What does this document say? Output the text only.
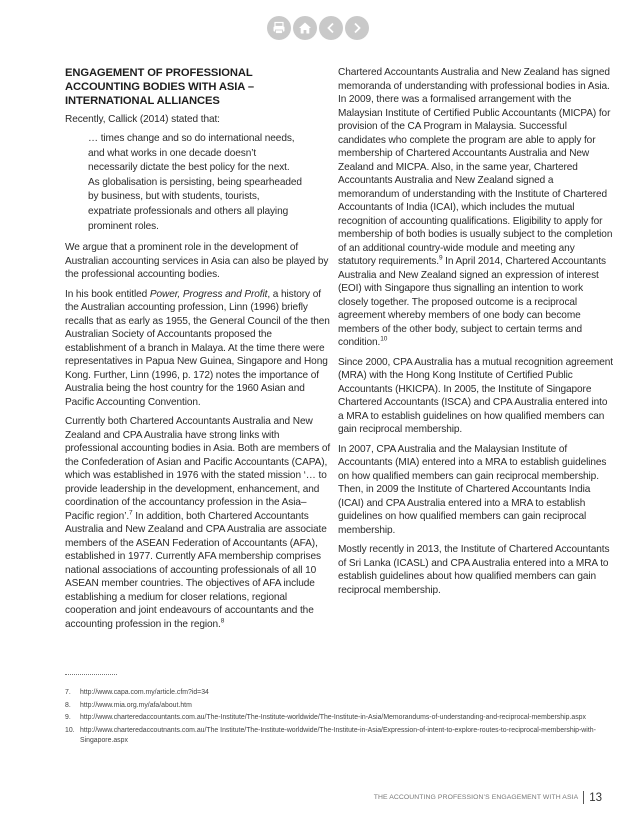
ENGAGEMENT OF PROFESSIONAL ACCOUNTING BODIES WITH ASIA – INTERNATIONAL ALLIANCES

Recently, Callick (2014) stated that:

… times change and so do international needs, and what works in one decade doesn’t necessarily dictate the best policy for the next. As globalisation is persisting, being spearheaded by business, but with students, tourists, expatriate professionals and others all playing prominent roles.

We argue that a prominent role in the development of Australian accounting services in Asia can also be played by the professional accounting bodies.

In his book entitled Power, Progress and Profit, a history of the Australian accounting profession, Linn (1996) briefly recalls that as early as 1955, the General Council of the then Australian Society of Accountants proposed the establishment of a branch in Malaya. At the time there were representatives in Papua New Guinea, Singapore and Hong Kong. Further, Linn (1996, p. 172) notes the importance of Australia being the host country for the 1960 Asian and Pacific Accounting Convention.

Currently both Chartered Accountants Australia and New Zealand and CPA Australia have strong links with professional accounting bodies in Asia. Both are members of the Confederation of Asian and Pacific Accountants (CAPA), which was established in 1976 with the stated mission ‘… to provide leadership in the development, enhancement, and coordination of the accountancy profession in the Asia–Pacific region’.$^7$ In addition, both Chartered Accountants Australia and New Zealand and CPA Australia are associate members of the ASEAN Federation of Accountants (AFA), established in 1977. Currently AFA membership comprises national associations of accounting professionals of all 10 ASEAN member countries. The objectives of AFA include establishing a medium for closer relations, regional cooperation and joint endeavours of accountants and the accounting profession in the region.$^8$

Chartered Accountants Australia and New Zealand has signed memoranda of understanding with professional bodies in Asia. In 2009, there was a formalised arrangement with the Malaysian Institute of Certified Public Accountants (MICPA) for provision of the CA Program in Malaysia. Successful candidates who complete the program are able to apply for membership of Chartered Accountants Australia and New Zealand and MICPA. Also, in the same year, Chartered Accountants Australia and New Zealand signed a memorandum of understanding with the Institute of Chartered Accountants of India (ICAI), which includes the mutual recognition of accounting qualifications. Eligibility to apply for membership of both bodies is usually subject to the completion of an additional country-wide module and meeting any statutory requirements.$^9$ In April 2014, Chartered Accountants Australia and New Zealand signed an expression of interest (EOI) with Singapore thus signalling an intention to work closely together. The proposed outcome is a reciprocal agreement whereby members of one body can become members of the other body, subject to certain terms and condition.$^{10}$

Since 2000, CPA Australia has a mutual recognition agreement (MRA) with the Hong Kong Institute of Certified Public Accountants (HKICPA). In 2005, the Institute of Singapore Chartered Accountants (ISCA) and CPA Australia entered into a MRA to establish guidelines on how qualified members can gain reciprocal membership.

In 2007, CPA Australia and the Malaysian Institute of Accountants (MIA) entered into a MRA to establish guidelines on how qualified members can gain reciprocal membership. Then, in 2009 the Institute of Chartered Accountants India (ICAI) and CPA Australia entered into a MRA to establish guidelines on how qualified members can gain reciprocal membership.

Mostly recently in 2013, the Institute of Chartered Accountants of Sri Lanka (ICASL) and CPA Australia entered into a MRA to establish guidelines about how qualified members can gain reciprocal membership.

7.	http://www.capa.com.my/article.cfm?id=34
8.	http://www.mia.org.my/afa/about.htm
9.	http://www.charteredaccountants.com.au/The-Institute/The-Institute-worldwide/The-Institute-in-Asia/Memorandums-of-understanding-and-reciprocal-membership.aspx
10. http://www.charteredaccoutnants.com.au/The Institute/The-Institute-worldwide/The-Institute-in-Asia/Expression-of-intent-to-explore-routes-to-reciprocal-membership-with-Singapore.aspx
THE ACCOUNTING PROFESSION’S ENGAGEMENT WITH ASIA 13
